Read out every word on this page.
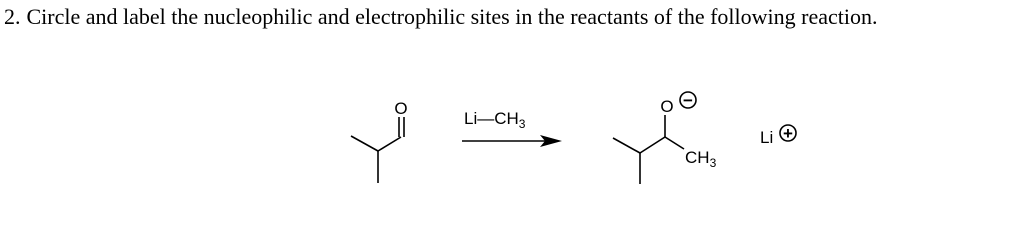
2. Circle and label the nucleophilic and electrophilic sites in the reactants of the following reaction.
O
$Li—CH_3$
O −
$CH_3$
Li +
